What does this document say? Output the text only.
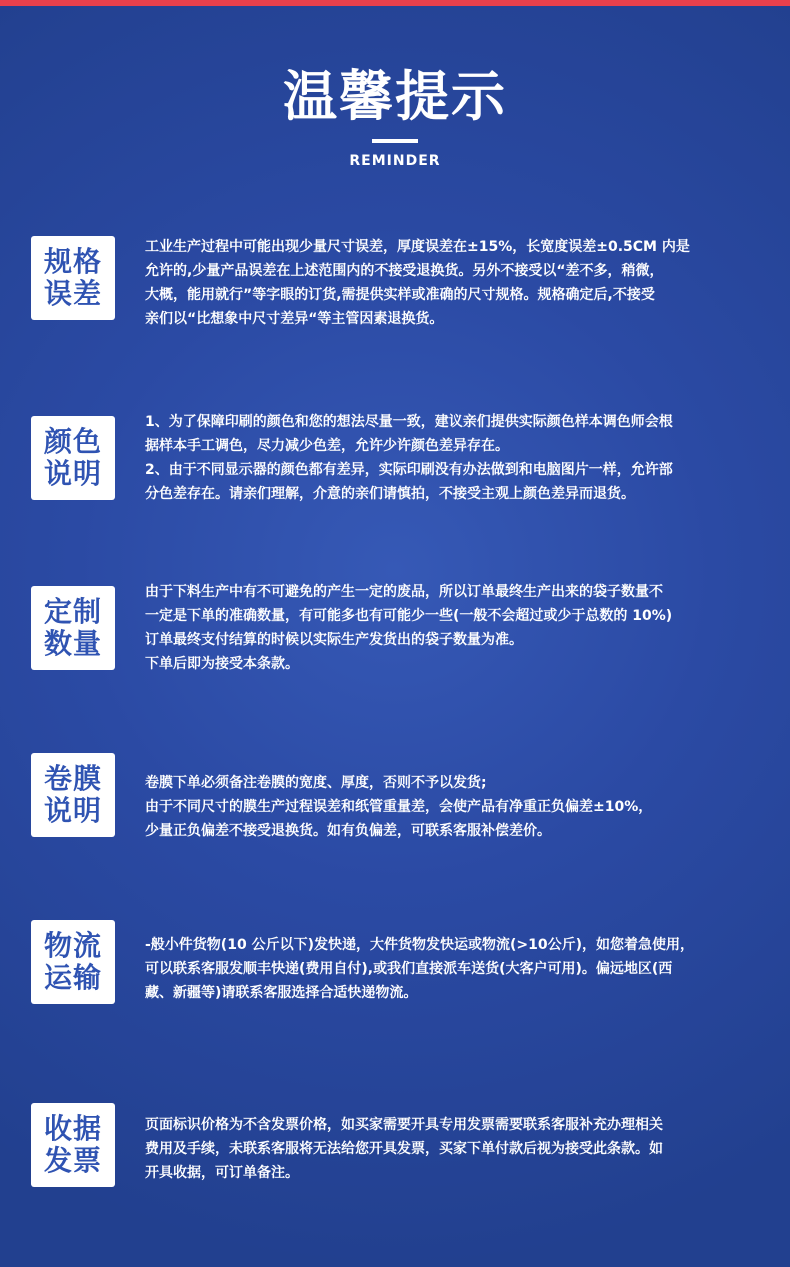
温馨提示
REMINDER
规格
误差
工业生产过程中可能出现少量尺寸误差，厚度误差在±15%，长宽度误差±0.5CM 内是
允许的,少量产品误差在上述范围内的不接受退换货。另外不接受以“差不多，稍微，
大概，能用就行”等字眼的订货,需提供实样或准确的尺寸规格。规格确定后,不接受
亲们以“比想象中尺寸差异“等主管因素退换货。
颜色
说明
1、为了保障印刷的颜色和您的想法尽量一致，建议亲们提供实际颜色样本调色师会根
据样本手工调色，尽力减少色差，允许少许颜色差异存在。
2、由于不同显示器的颜色都有差异，实际印刷没有办法做到和电脑图片一样，允许部
分色差存在。请亲们理解，介意的亲们请慎拍，不接受主观上颜色差异而退货。
定制
数量
由于下料生产中有不可避免的产生一定的废品，所以订单最终生产出来的袋子数量不
一定是下单的准确数量，有可能多也有可能少一些(一般不会超过或少于总数的 10%)
订单最终支付结算的时候以实际生产发货出的袋子数量为准。
下单后即为接受本条款。
卷膜
说明
卷膜下单必须备注卷膜的宽度、厚度，否则不予以发货;
由于不同尺寸的膜生产过程误差和纸管重量差，会使产品有净重正负偏差±10%，
少量正负偏差不接受退换货。如有负偏差，可联系客服补偿差价。
物流
运输
-般小件货物(10 公斤以下)发快递，大件货物发快运或物流(>10公斤)，如您着急使用，
可以联系客服发顺丰快递(费用自付),或我们直接派车送货(大客户可用)。偏远地区(西
藏、新疆等)请联系客服选择合适快递物流。
收据
发票
页面标识价格为不含发票价格，如买家需要开具专用发票需要联系客服补充办理相关
费用及手续，未联系客服将无法给您开具发票，买家下单付款后视为接受此条款。如
开具收据，可订单备注。
